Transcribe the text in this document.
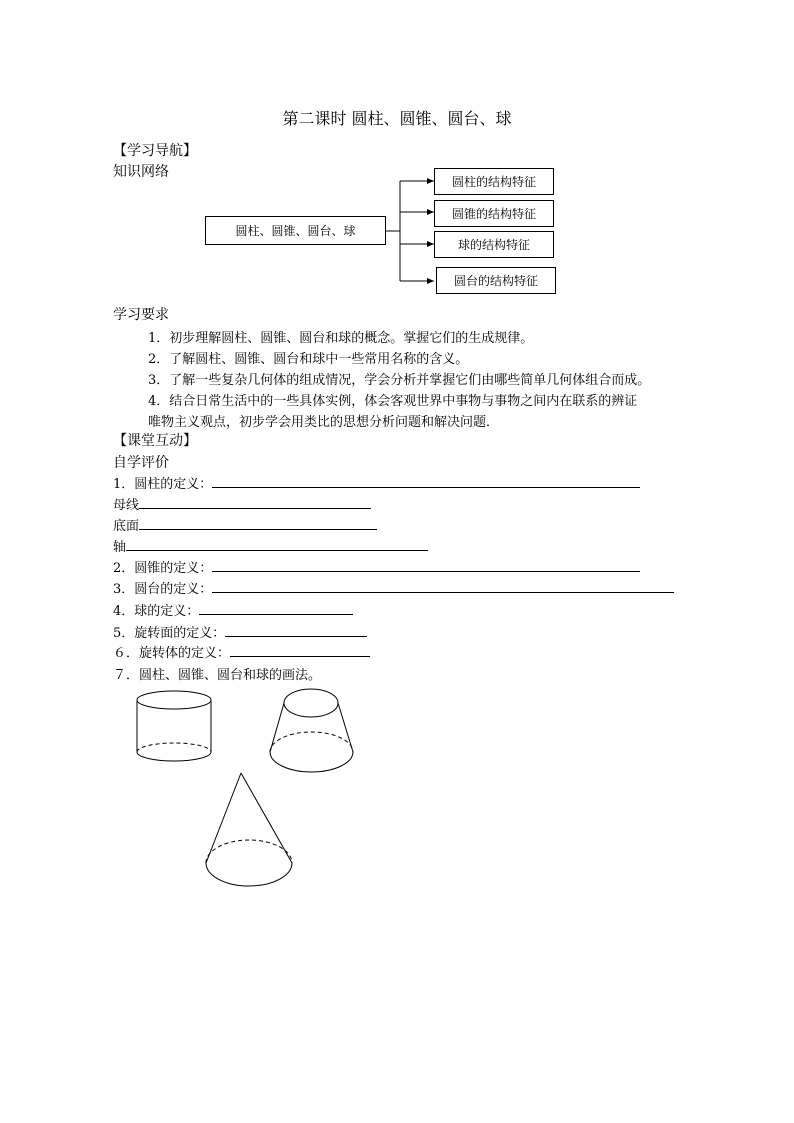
第二课时 圆柱、圆锥、圆台、球
【学习导航】
知识网络
圆柱、圆锥、圆台、球
圆柱的结构特征
圆锥的结构特征
球的结构特征
圆台的结构特征
学习要求
1．初步理解圆柱、圆锥、圆台和球的概念。掌握它们的生成规律。
2．了解圆柱、圆锥、圆台和球中一些常用名称的含义。
3．了解一些复杂几何体的组成情况，学会分析并掌握它们由哪些简单几何体组合而成。
4．结合日常生活中的一些具体实例，体会客观世界中事物与事物之间内在联系的辨证
唯物主义观点，初步学会用类比的思想分析问题和解决问题．
【课堂互动】
自学评价
1．圆柱的定义：
母线
底面
轴
2．圆锥的定义：
3．圆台的定义：
4．球的定义：
5．旋转面的定义：
６．旋转体的定义：
７．圆柱、圆锥、圆台和球的画法。
